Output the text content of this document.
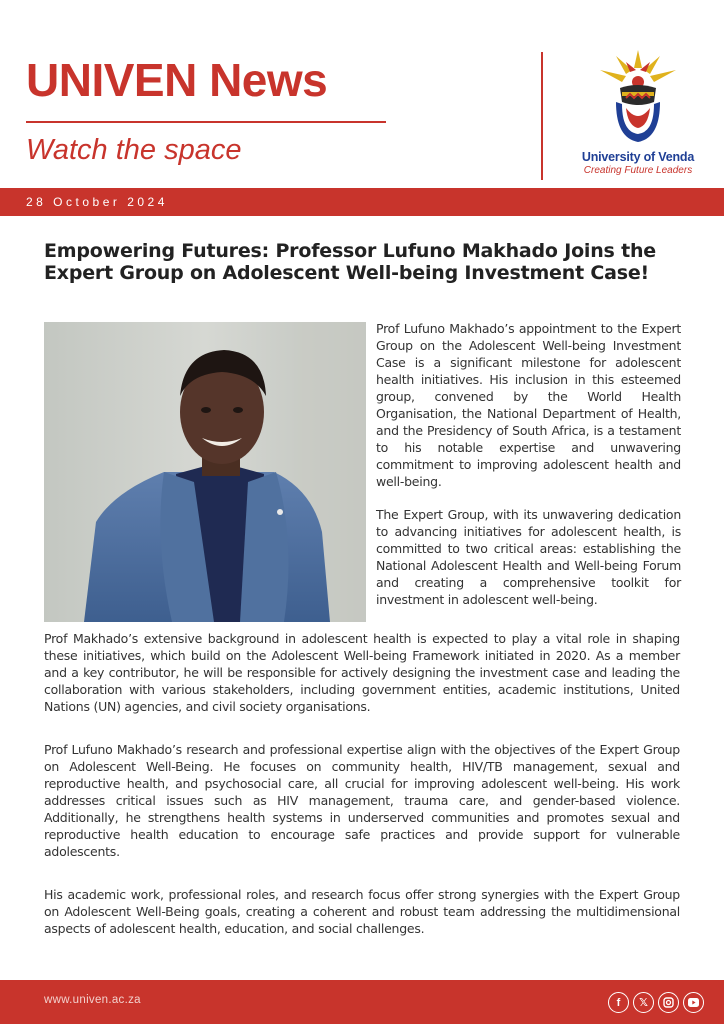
UNIVEN News
Watch the space	University of Venda
Creating Future Leaders
28 October 2024
Empowering Futures: Professor Lufuno Makhado Joins the Expert Group on Adolescent Well-being Investment Case!

Prof Lufuno Makhado’s appointment to the Expert Group on the Adolescent Well-being Investment Case is a significant milestone for adolescent health initiatives. His inclusion in this esteemed group, convened by the World Health Organisation, the National Department of Health, and the Presidency of South Africa, is a testament to his notable expertise and unwavering commitment to improving adolescent health and well-being.

The Expert Group, with its unwavering dedication to advancing initiatives for adolescent health, is committed to two critical areas: establishing the National Adolescent Health and Well-being Forum and creating a comprehensive toolkit for investment in adolescent well-being.

Prof Makhado’s extensive background in adolescent health is expected to play a vital role in shaping these initiatives, which build on the Adolescent Well-being Framework initiated in 2020. As a member and a key contributor, he will be responsible for actively designing the investment case and leading the collaboration with various stakeholders, including government entities, academic institutions, United Nations (UN) agencies, and civil society organisations.

Prof Lufuno Makhado’s research and professional expertise align with the objectives of the Expert Group on Adolescent Well-Being. He focuses on community health, HIV/TB management, sexual and reproductive health, and psychosocial care, all crucial for improving adolescent well-being. His work addresses critical issues such as HIV management, trauma care, and gender-based violence. Additionally, he strengthens health systems in underserved communities and promotes sexual and reproductive health education to encourage safe practices and provide support for vulnerable adolescents.

His academic work, professional roles, and research focus offer strong synergies with the Expert Group on Adolescent Well-Being goals, creating a coherent and robust team addressing the multidimensional aspects of adolescent health, education, and social challenges.

www.univen.ac.za	f	𝕏
